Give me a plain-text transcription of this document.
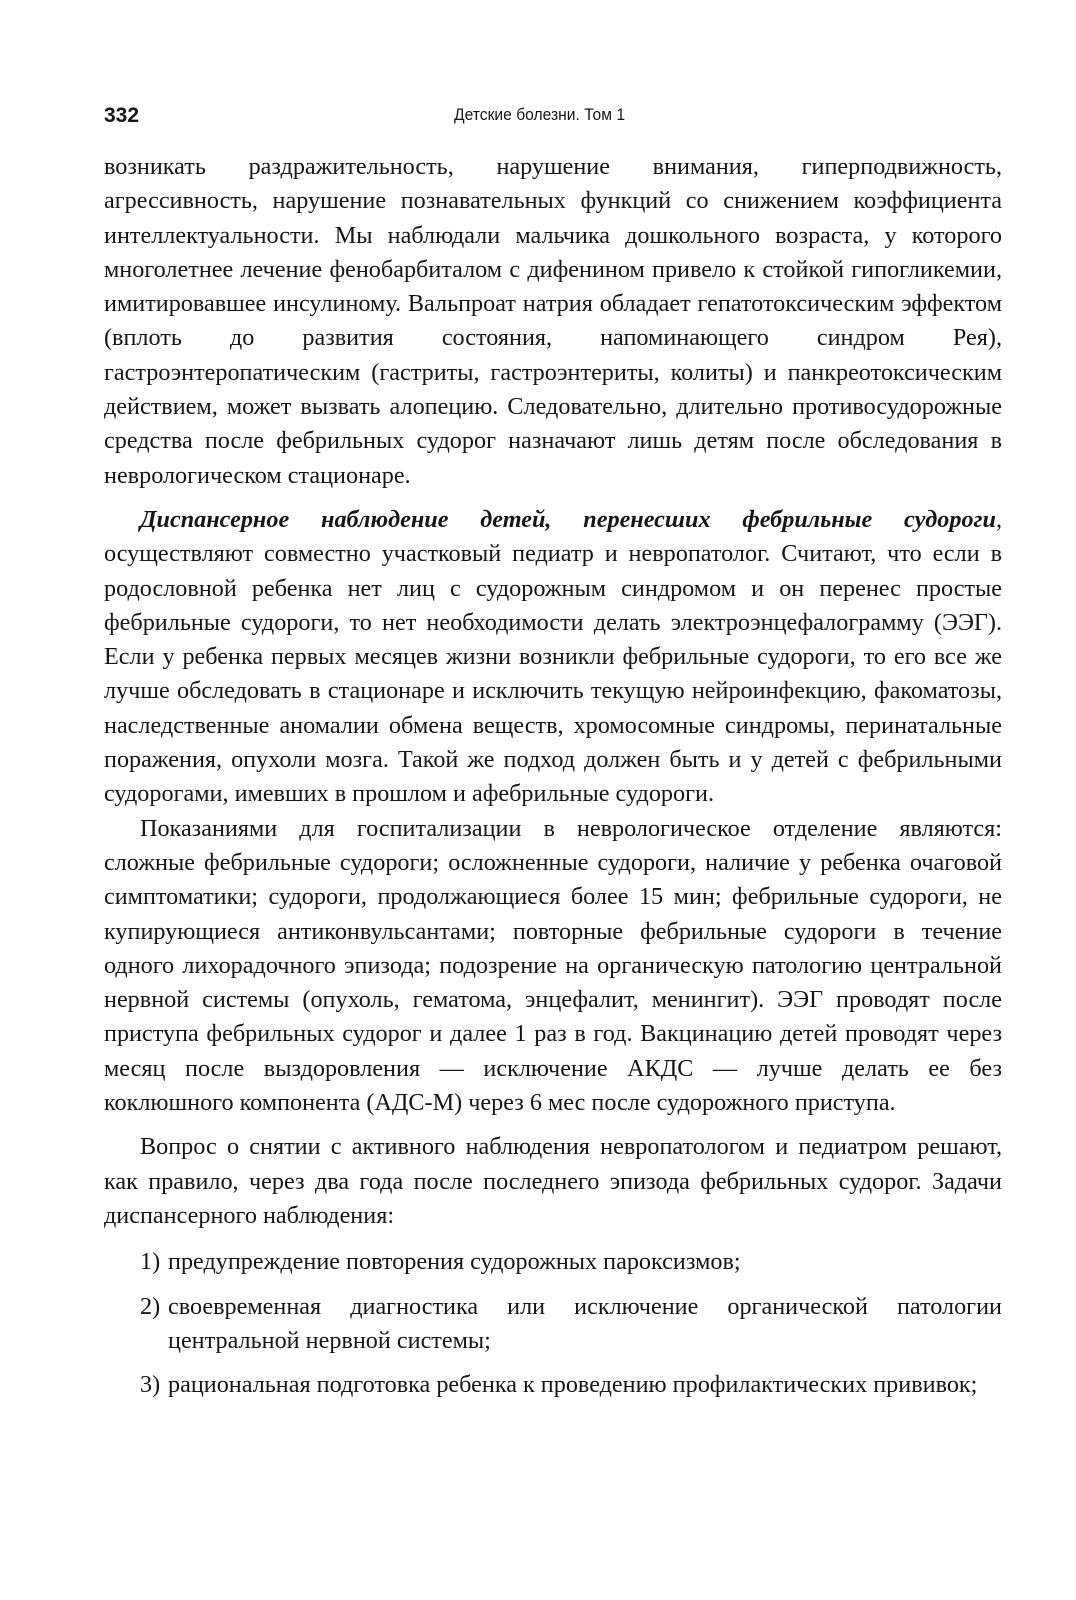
332	Детские болезни. Том 1

возникать раздражительность, нарушение внимания, гиперподвижность, агрессивность, нарушение познавательных функций со снижением коэффициента интеллектуальности. Мы наблюдали мальчика дошкольного возраста, у которого многолетнее лечение фенобарбиталом с дифенином привело к стойкой гипогликемии, имитировавшее инсулиному. Вальпроат натрия обладает гепатотоксическим эффектом (вплоть до развития состояния, напоминающего синдром Рея), гастроэнтеропатическим (гастриты, гастроэнтериты, колиты) и панкреотоксическим действием, может вызвать алопецию. Следовательно, длительно противосудорожные средства после фебрильных судорог назначают лишь детям после обследования в неврологическом стационаре.

Диспансерное наблюдение детей, перенесших фебрильные судороги, осуществляют совместно участковый педиатр и невропатолог. Считают, что если в родословной ребенка нет лиц с судорожным синдромом и он перенес простые фебрильные судороги, то нет необходимости делать электроэнцефалограмму (ЭЭГ). Если у ребенка первых месяцев жизни возникли фебрильные судороги, то его все же лучше обследовать в стационаре и исключить текущую нейроинфекцию, факоматозы, наследственные аномалии обмена веществ, хромосомные синдромы, перинатальные поражения, опухоли мозга. Такой же подход должен быть и у детей с фебрильными судорогами, имевших в прошлом и афебрильные судороги.

Показаниями для госпитализации в неврологическое отделение являются: сложные фебрильные судороги; осложненные судороги, наличие у ребенка очаговой симптоматики; судороги, продолжающиеся более 15 мин; фебрильные судороги, не купирующиеся антиконвульсантами; повторные фебрильные судороги в течение одного лихорадочного эпизода; подозрение на органическую патологию центральной нервной системы (опухоль, гематома, энцефалит, менингит). ЭЭГ проводят после приступа фебрильных судорог и далее 1 раз в год. Вакцинацию детей проводят через месяц после выздоровления — исключение АКДС — лучше делать ее без коклюшного компонента (АДС-М) через 6 мес после судорожного приступа.

Вопрос о снятии с активного наблюдения невропатологом и педиатром решают, как правило, через два года после последнего эпизода фебрильных судорог. Задачи диспансерного наблюдения:

1) предупреждение повторения судорожных пароксизмов;
2) своевременная диагностика или исключение органической патологии центральной нервной системы;
3) рациональная подготовка ребенка к проведению профилактических прививок;
